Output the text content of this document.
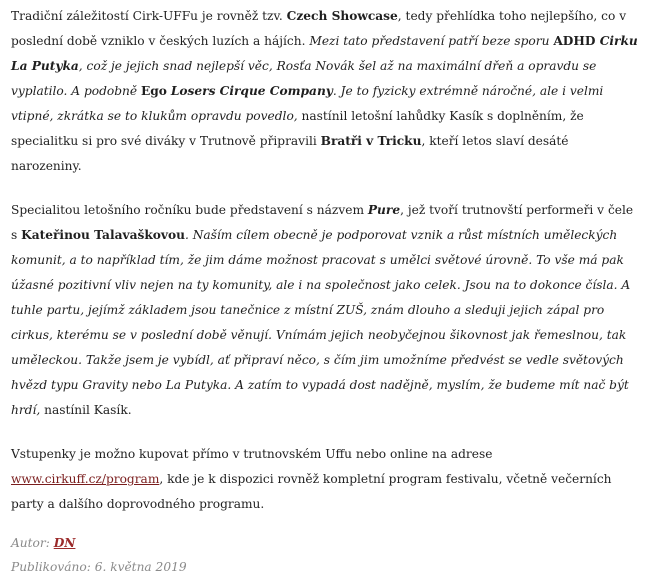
Tradiční záležitostí Cirk-UFFu je rovněž tzv. Czech Showcase, tedy přehlídka toho nejlepšího, co v poslední době vzniklo v českých luzích a hájích. Mezi tato představení patří beze sporu ADHD Cirku La Putyka, což je jejich snad nejlepší věc, Rosťa Novák šel až na maximální dřeň a opravdu se vyplatilo. A podobně Ego Losers Cirque Company. Je to fyzicky extrémně náročné, ale i velmi vtipné, zkrátka se to klukům opravdu povedlo, nastínil letošní lahůdky Kasík s doplněním, že specialitku si pro své diváky v Trutnově připravili Bratři v Tricku, kteří letos slaví desáté narozeniny.

Specialitou letošního ročníku bude představení s názvem Pure, jež tvoří trutnovští performeři v čele s Kateřinou Talavaškovou. Naším cílem obecně je podporovat vznik a růst místních uměleckých komunit, a to například tím, že jim dáme možnost pracovat s umělci světové úrovně. To vše má pak úžasné pozitivní vliv nejen na ty komunity, ale i na společnost jako celek. Jsou na to dokonce čísla. A tuhle partu, jejímž základem jsou tanečnice z místní ZUŠ, znám dlouho a sleduji jejich zápal pro cirkus, kterému se v poslední době věnují. Vnímám jejich neobyčejnou šikovnost jak řemeslnou, tak uměleckou. Takže jsem je vybídl, ať připraví něco, s čím jim umožníme předvést se vedle světových hvězd typu Gravity nebo La Putyka. A zatím to vypadá dost nadějně, myslím, že budeme mít nač být hrdí, nastínil Kasík.

Vstupenky je možno kupovat přímo v trutnovském Uffu nebo online na adrese www.cirkuff.cz/program, kde je k dispozici rovněž kompletní program festivalu, včetně večerních party a dalšího doprovodného programu.

Autor: DN
Publikováno: 6. května 2019
